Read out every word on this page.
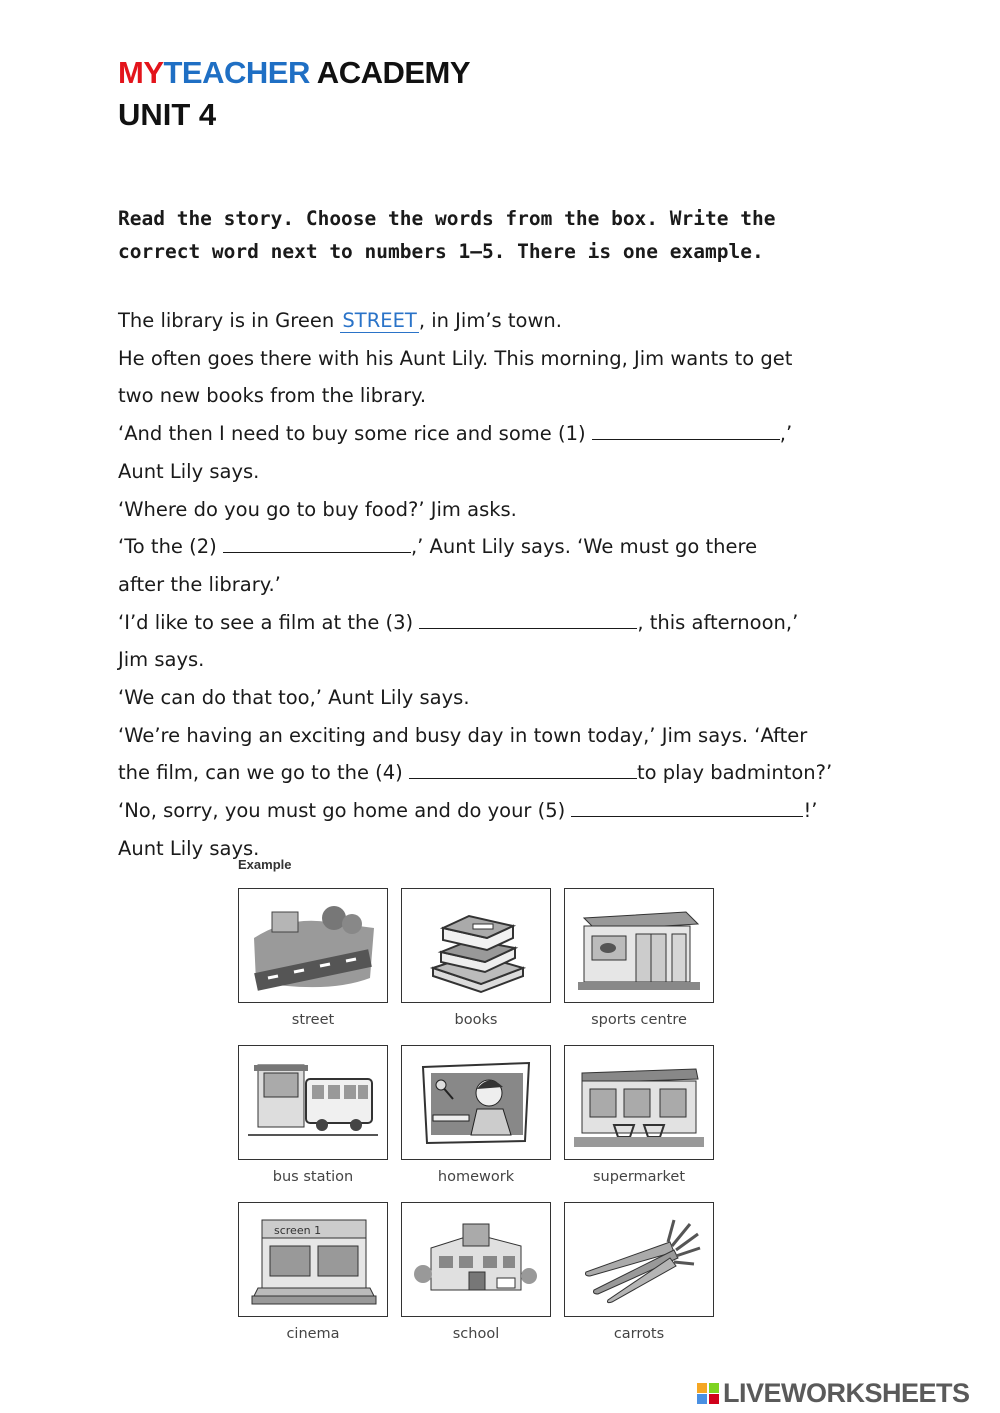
MYTEACHER ACADEMY
UNIT 4
Read the story. Choose the words from the box. Write the
correct word next to numbers 1–5. There is one example.

The library is in Green STREET, in Jim’s town.

He often goes there with his Aunt Lily. This morning, Jim wants to get

two new books from the library.

‘And then I need to buy some rice and some (1)	,’

Aunt Lily says.

‘Where do you go to buy food?’ Jim asks.

‘To the (2)	,’ Aunt Lily says. ‘We must go there

after the library.’

‘I’d like to see a film at the (3)	, this afternoon,’

Jim says.

‘We can do that too,’ Aunt Lily says.

‘We’re having an exciting and busy day in town today,’ Jim says. ‘After

the film, can we go to the (4)	to play badminton?’

‘No, sorry, you must go home and do your (5)	!’

Aunt Lily says.

Example
street	books	sports centre
bus station	homework	supermarket
screen 1
cinema	school	carrots
LIVEWORKSHEETS
